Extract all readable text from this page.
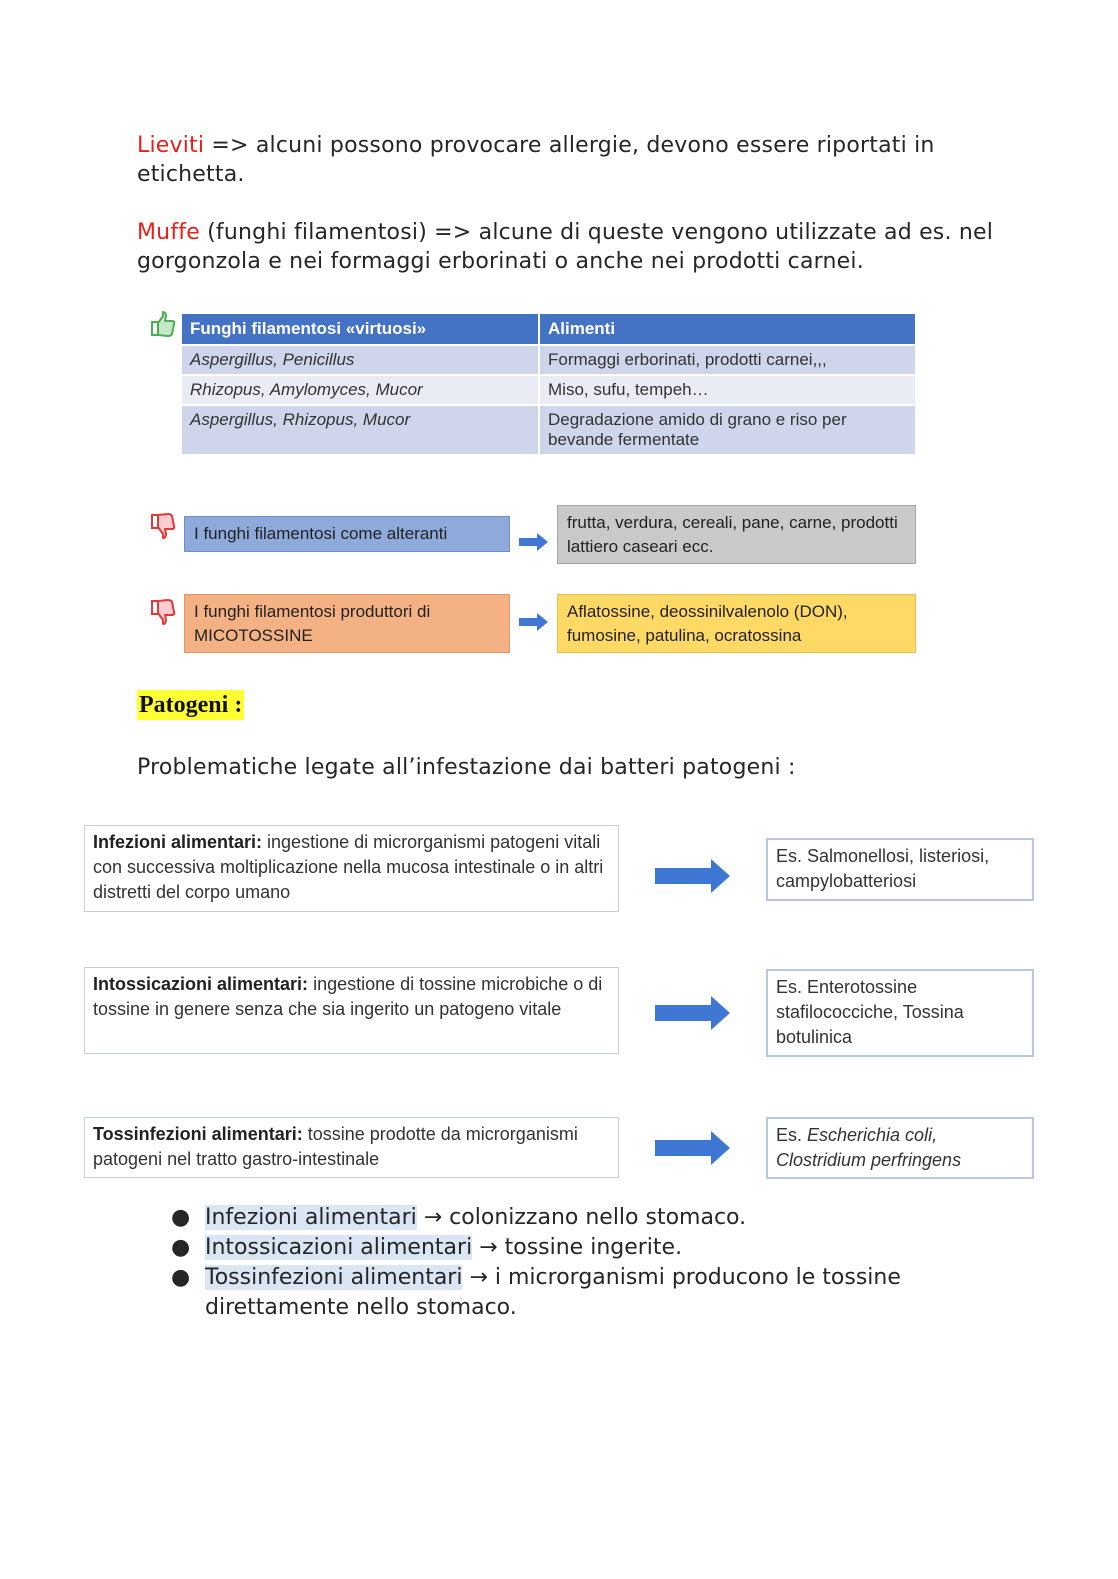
Lieviti => alcuni possono provocare allergie, devono essere riportati in etichetta.
Muffe (funghi filamentosi) => alcune di queste vengono utilizzate ad es. nel gorgonzola e nei formaggi erborinati o anche nei prodotti carnei.
Funghi filamentosi «virtuosi»	Alimenti
Aspergillus, Penicillus	Formaggi erborinati, prodotti carnei,,,
Rhizopus, Amylomyces, Mucor	Miso, sufu, tempeh…
Aspergillus, Rhizopus, Mucor	Degradazione amido di grano e riso per bevande fermentate
I funghi filamentosi come alteranti
frutta, verdura, cereali, pane, carne, prodotti lattiero caseari ecc.
I funghi filamentosi produttori di MICOTOSSINE
Aflatossine, deossinilvalenolo (DON), fumosine, patulina, ocratossina
Patogeni :
Problematiche legate all’infestazione dai batteri patogeni :
Infezioni alimentari: ingestione di microrganismi patogeni vitali con successiva moltiplicazione nella mucosa intestinale o in altri distretti del corpo umano
Es. Salmonellosi, listeriosi, campylobatteriosi
Intossicazioni alimentari: ingestione di tossine microbiche o di tossine in genere senza che sia ingerito un patogeno vitale
Es. Enterotossine stafilococciche, Tossina botulinica
Tossinfezioni alimentari: tossine prodotte da microrganismi patogeni nel tratto gastro-intestinale
Es. Escherichia coli, Clostridium perfringens
● Infezioni alimentari → colonizzano nello stomaco.
● Intossicazioni alimentari → tossine ingerite.
● Tossinfezioni alimentari → i microrganismi producono le tossine direttamente nello stomaco.
